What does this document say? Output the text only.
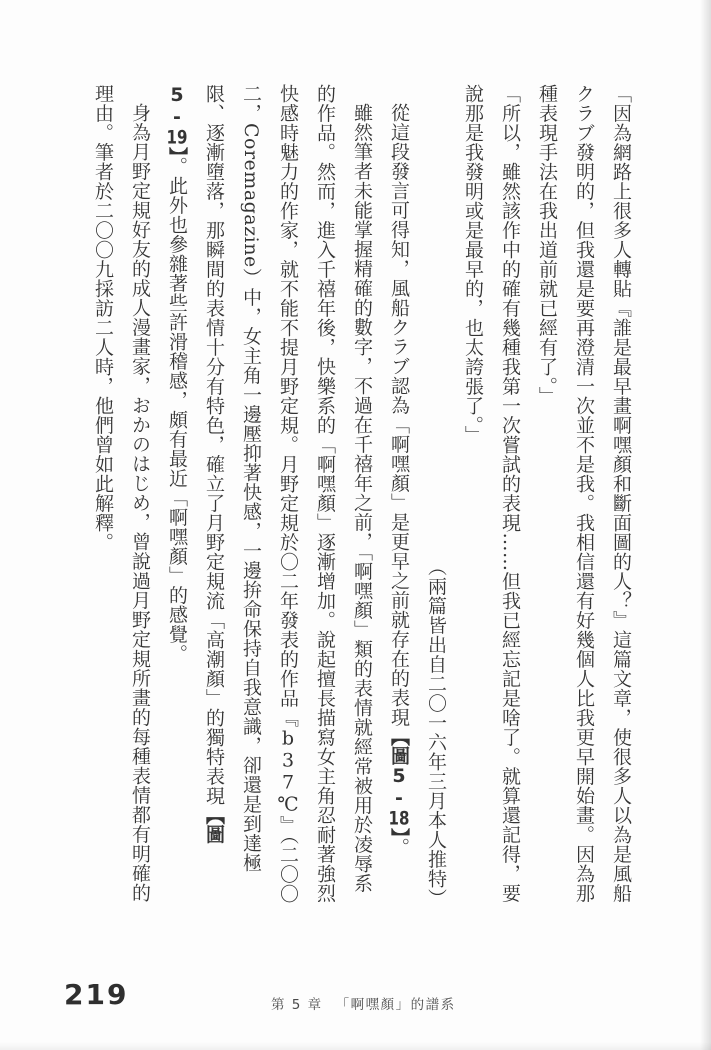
「因為網路上很多人轉貼『誰是最早畫啊嘿顏和斷面圖的人？』這篇文章，使很多人以為是風船クラブ發明的，但我還是要再澄清一次並不是我。我相信還有好幾個人比我更早開始畫。因為那種表現手法在我出道前就已經有了。」

「所以，雖然該作中的確有幾種我第一次嘗試的表現……但我已經忘記是啥了。就算還記得，要說那是我發明或是最早的，也太誇張了。」

（兩篇皆出自二〇一六年三月本人推特）

從這段發言可得知，風船クラブ認為「啊嘿顏」是更早之前就存在的表現【圖5-18】。

雖然筆者未能掌握精確的數字，不過在千禧年之前，「啊嘿顏」類的表情就經常被用於凌辱系的作品。然而，進入千禧年後，快樂系的「啊嘿顏」逐漸增加。說起擅長描寫女主角忍耐著強烈快感時魅力的作家，就不能不提月野定規。月野定規於〇二年發表的作品『b37℃』（二〇〇二，Coremagazine）中，女主角一邊壓抑著快感，一邊拚命保持自我意識，卻還是到達極限、逐漸墮落，那瞬間的表情十分有特色，確立了月野定規流「高潮顏」的獨特表現【圖5-19】。此外也參雜著些許滑稽感，頗有最近「啊嘿顏」的感覺。

身為月野定規好友的成人漫畫家，おかのはじめ，曾說過月野定規所畫的每種表情都有明確的理由。筆者於二〇〇九採訪二人時，他們曾如此解釋。

219	第 5 章 「啊嘿顏」的譜系
